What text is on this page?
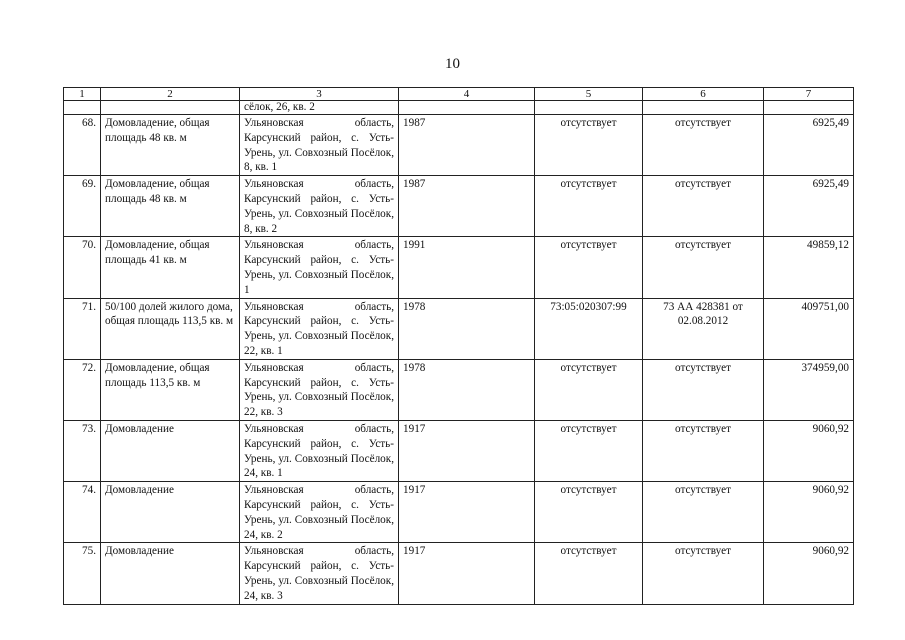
10
1	2	3	4	5	6	7
		сёлок, 26, кв. 2				
68.	Домовладение, общая площадь 48 кв. м	Ульяновская область, Карсунский район, с. Усть-Урень, ул. Совхозный Посёлок, 8, кв. 1	1987	отсутствует	отсутствует	6925,49
69.	Домовладение, общая площадь 48 кв. м	Ульяновская область, Карсунский район, с. Усть-Урень, ул. Совхозный Посёлок, 8, кв. 2	1987	отсутствует	отсутствует	6925,49
70.	Домовладение, общая площадь 41 кв. м	Ульяновская область, Карсунский район, с. Усть-Урень, ул. Совхозный Посёлок, 1	1991	отсутствует	отсутствует	49859,12
71.	50/100 долей жилого дома, общая площадь 113,5 кв. м	Ульяновская область, Карсунский район, с. Усть-Урень, ул. Совхозный Посёлок, 22, кв. 1	1978	73:05:020307:99	73 АА 428381 от 02.08.2012	409751,00
72.	Домовладение, общая площадь 113,5 кв. м	Ульяновская область, Карсунский район, с. Усть-Урень, ул. Совхозный Посёлок, 22, кв. 3	1978	отсутствует	отсутствует	374959,00
73.	Домовладение	Ульяновская область, Карсунский район, с. Усть-Урень, ул. Совхозный Посёлок, 24, кв. 1	1917	отсутствует	отсутствует	9060,92
74.	Домовладение	Ульяновская область, Карсунский район, с. Усть-Урень, ул. Совхозный Посёлок, 24, кв. 2	1917	отсутствует	отсутствует	9060,92
75.	Домовладение	Ульяновская область, Карсунский район, с. Усть-Урень, ул. Совхозный Посёлок, 24, кв. 3	1917	отсутствует	отсутствует	9060,92
